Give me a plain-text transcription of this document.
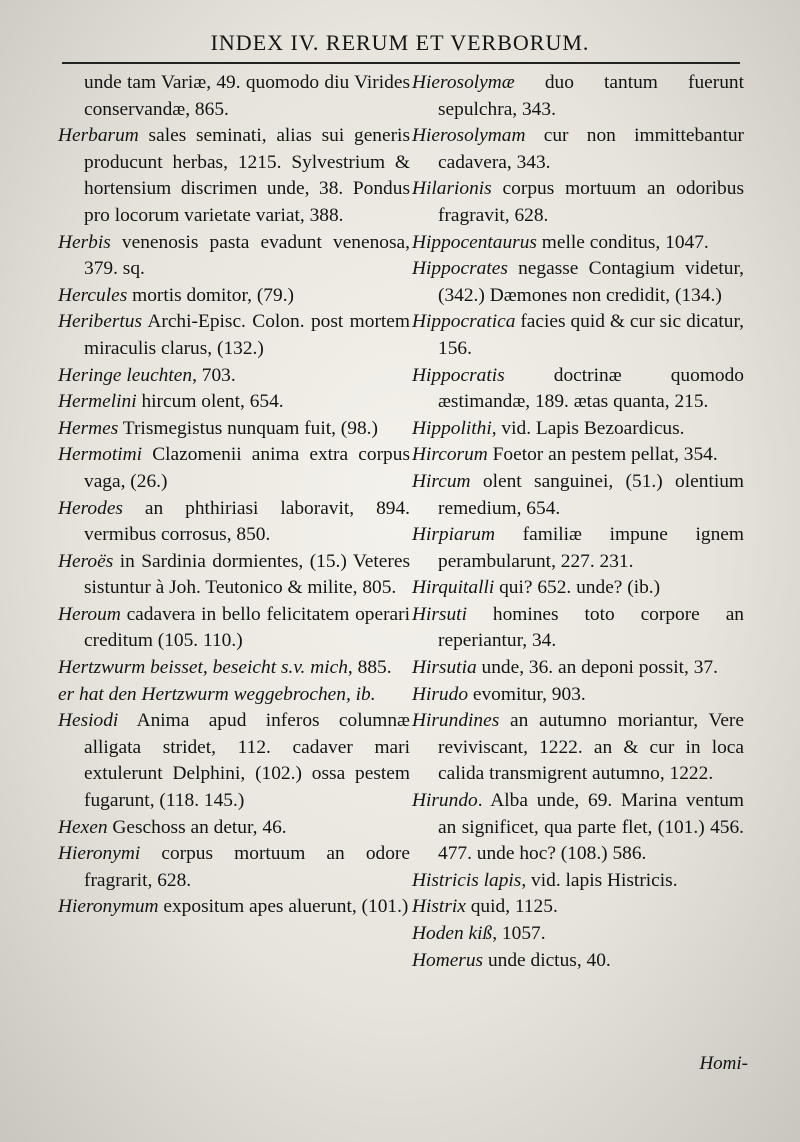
INDEX IV. RERUM ET VERBORUM.

unde tam Variæ, 49. quomodo diu Virides conservandæ, 865.

Herbarum sales seminati, alias sui generis producunt herbas, 1215. Sylvestrium & hortensium discrimen unde, 38. Pondus pro locorum varietate variat, 388.

Herbis venenosis pasta evadunt venenosa, 379. sq.

Hercules mortis domitor, (79.)

Heribertus Archi-Episc. Colon. post mortem miraculis clarus, (132.)

Heringe leuchten, 703.

Hermelini hircum olent, 654.

Hermes Trismegistus nunquam fuit, (98.)

Hermotimi Clazomenii anima extra corpus vaga, (26.)

Herodes an phthiriasi laboravit, 894. vermibus corrosus, 850.

Heroës in Sardinia dormientes, (15.) Veteres sistuntur à Joh. Teutonico & milite, 805.

Heroum cadavera in bello felicitatem operari creditum (105. 110.)

Hertzwurm beisset, beseicht s.v. mich, 885.

er hat den Hertzwurm weggebrochen, ib.

Hesiodi Anima apud inferos columnæ alligata stridet, 112. cadaver mari extulerunt Delphini, (102.) ossa pestem fugarunt, (118. 145.)

Hexen Geschoss an detur, 46.

Hieronymi corpus mortuum an odore fragrarit, 628.

Hieronymum expositum apes aluerunt, (101.)

Hierosolymæ duo tantum fuerunt sepulchra, 343.

Hierosolymam cur non immittebantur cadavera, 343.

Hilarionis corpus mortuum an odoribus fragravit, 628.

Hippocentaurus melle conditus, 1047.

Hippocrates negasse Contagium videtur, (342.) Dæmones non credidit, (134.)

Hippocratica facies quid & cur sic dicatur, 156.

Hippocratis doctrinæ quomodo æstimandæ, 189. ætas quanta, 215.

Hippolithi, vid. Lapis Bezoardicus.

Hircorum Foetor an pestem pellat, 354.

Hircum olent sanguinei, (51.) olentium remedium, 654.

Hirpiarum familiæ impune ignem perambularunt, 227. 231.

Hirquitalli qui? 652. unde? (ib.)

Hirsuti homines toto corpore an reperiantur, 34.

Hirsutia unde, 36. an deponi possit, 37.

Hirudo evomitur, 903.

Hirundines an autumno moriantur, Vere reviviscant, 1222. an & cur in loca calida transmigrent autumno, 1222.

Hirundo. Alba unde, 69. Marina ventum an significet, qua parte flet, (101.) 456. 477. unde hoc? (108.) 586.

Histricis lapis, vid. lapis Histricis.

Histrix quid, 1125.

Hoden kiß, 1057.

Homerus unde dictus, 40.

Homi-
